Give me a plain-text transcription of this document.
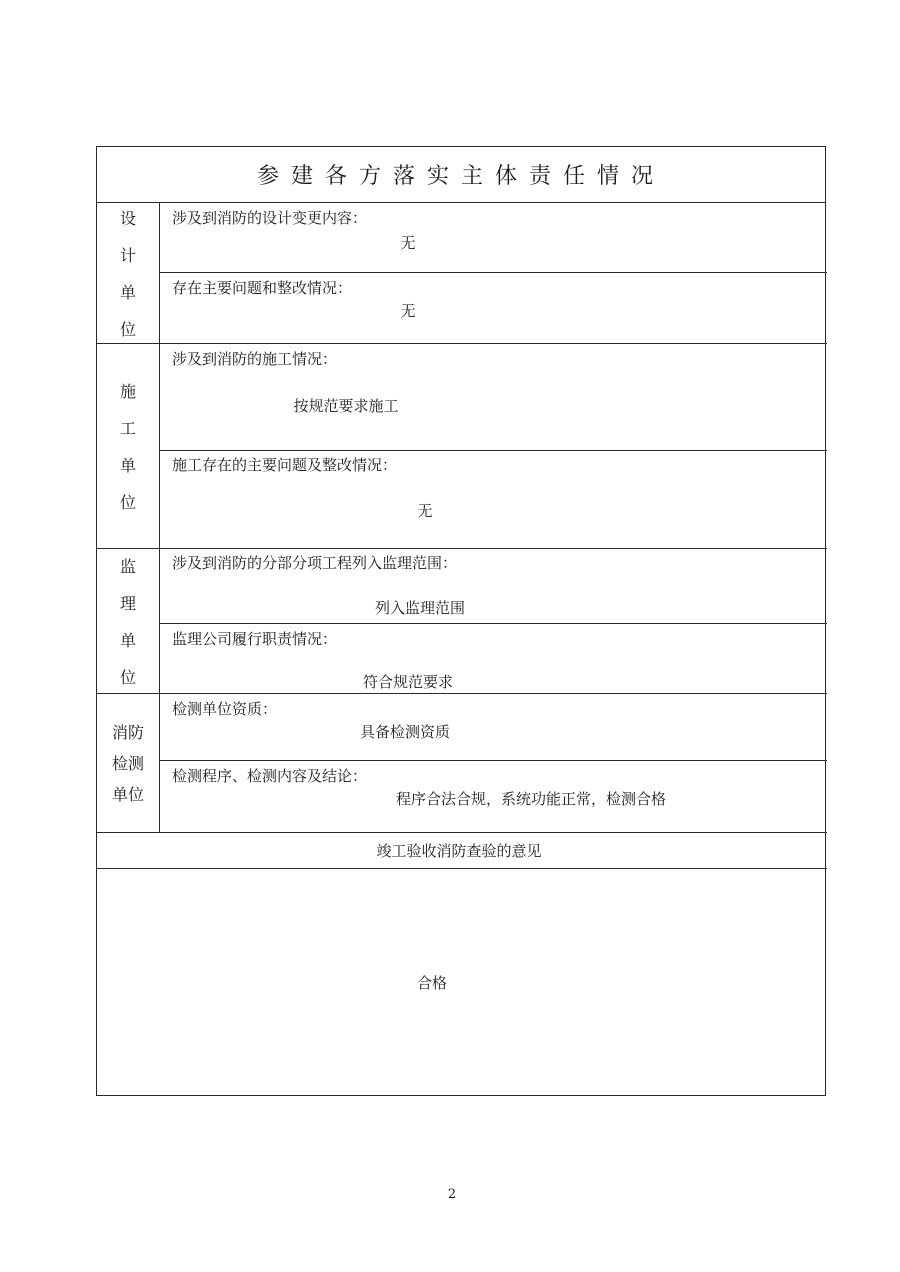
参建各方落实主体责任情况
设
计
单
位
涉及到消防的设计变更内容：
无
存在主要问题和整改情况：
无
施
工
单
位
涉及到消防的施工情况：
按规范要求施工
施工存在的主要问题及整改情况：
无
监
理
单
位
涉及到消防的分部分项工程列入监理范围：
列入监理范围
监理公司履行职责情况：
符合规范要求
消防
检测
单位
检测单位资质：
具备检测资质
检测程序、检测内容及结论：
程序合法合规，系统功能正常，检测合格
竣工验收消防查验的意见
合格
2
